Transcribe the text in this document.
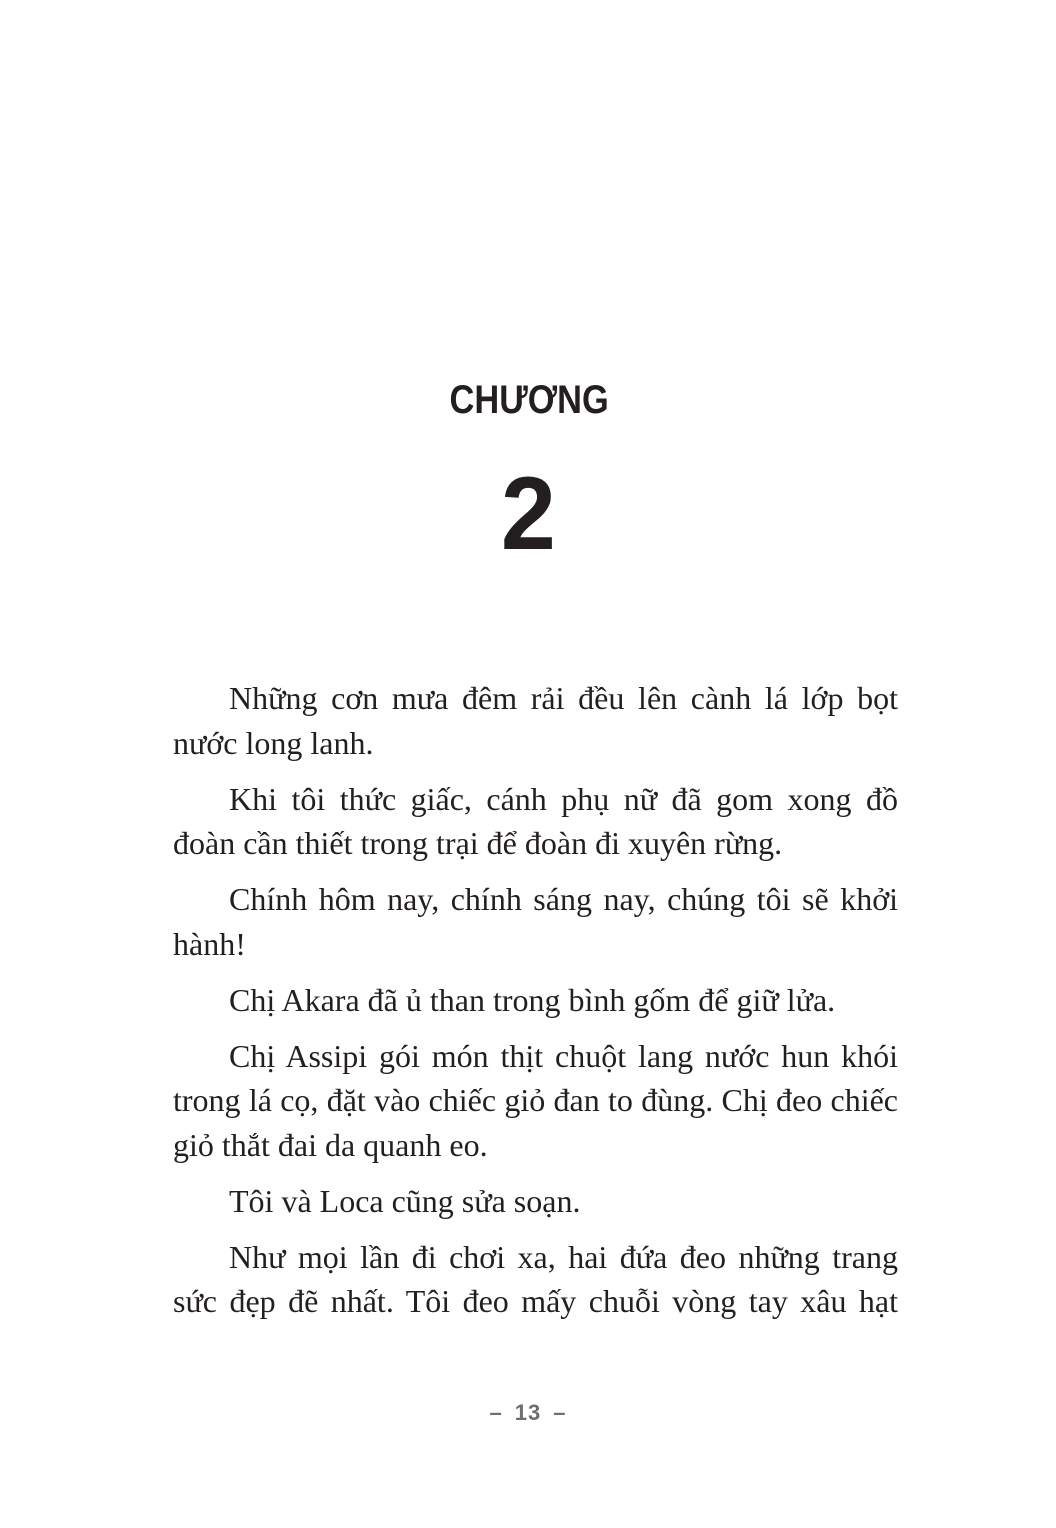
CHƯƠNG
2

Những cơn mưa đêm rải đều lên cành lá lớp bọt nước long lanh.

Khi tôi thức giấc, cánh phụ nữ đã gom xong đồ đoàn cần thiết trong trại để đoàn đi xuyên rừng.

Chính hôm nay, chính sáng nay, chúng tôi sẽ khởi hành!

Chị Akara đã ủ than trong bình gốm để giữ lửa.

Chị Assipi gói món thịt chuột lang nước hun khói trong lá cọ, đặt vào chiếc giỏ đan to đùng. Chị đeo chiếc giỏ thắt đai da quanh eo.

Tôi và Loca cũng sửa soạn.

Như mọi lần đi chơi xa, hai đứa đeo những trang sức đẹp đẽ nhất. Tôi đeo mấy chuỗi vòng tay xâu hạt

– 13 –
